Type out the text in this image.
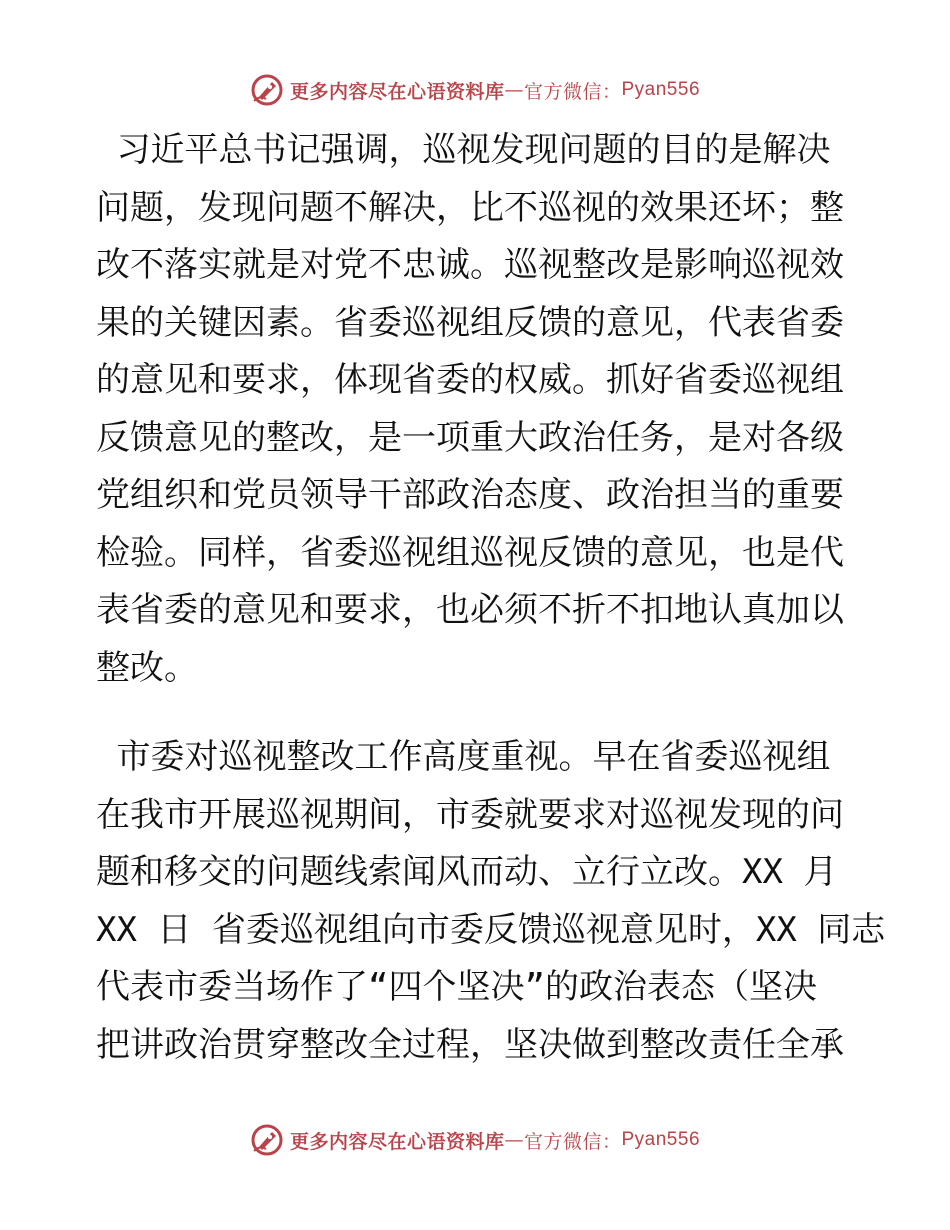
更多内容尽在心语资料库 — 官方微信： Pyan556

习近平总书记强调，巡视发现问题的目的是解决

问题，发现问题不解决，比不巡视的效果还坏；整

改不落实就是对党不忠诚。巡视整改是影响巡视效

果的关键因素。省委巡视组反馈的意见，代表省委

的意见和要求，体现省委的权威。抓好省委巡视组

反馈意见的整改，是一项重大政治任务，是对各级

党组织和党员领导干部政治态度、政治担当的重要

检验。同样，省委巡视组巡视反馈的意见，也是代

表省委的意见和要求，也必须不折不扣地认真加以

整改。

市委对巡视整改工作高度重视。早在省委巡视组

在我市开展巡视期间，市委就要求对巡视发现的问

题和移交的问题线索闻风而动、立行立改。XX 月

XX 日 省委巡视组向市委反馈巡视意见时，XX 同志

代表市委当场作了“四个坚决”的政治表态（坚决

把讲政治贯穿整改全过程，坚决做到整改责任全承

更多内容尽在心语资料库 — 官方微信： Pyan556
